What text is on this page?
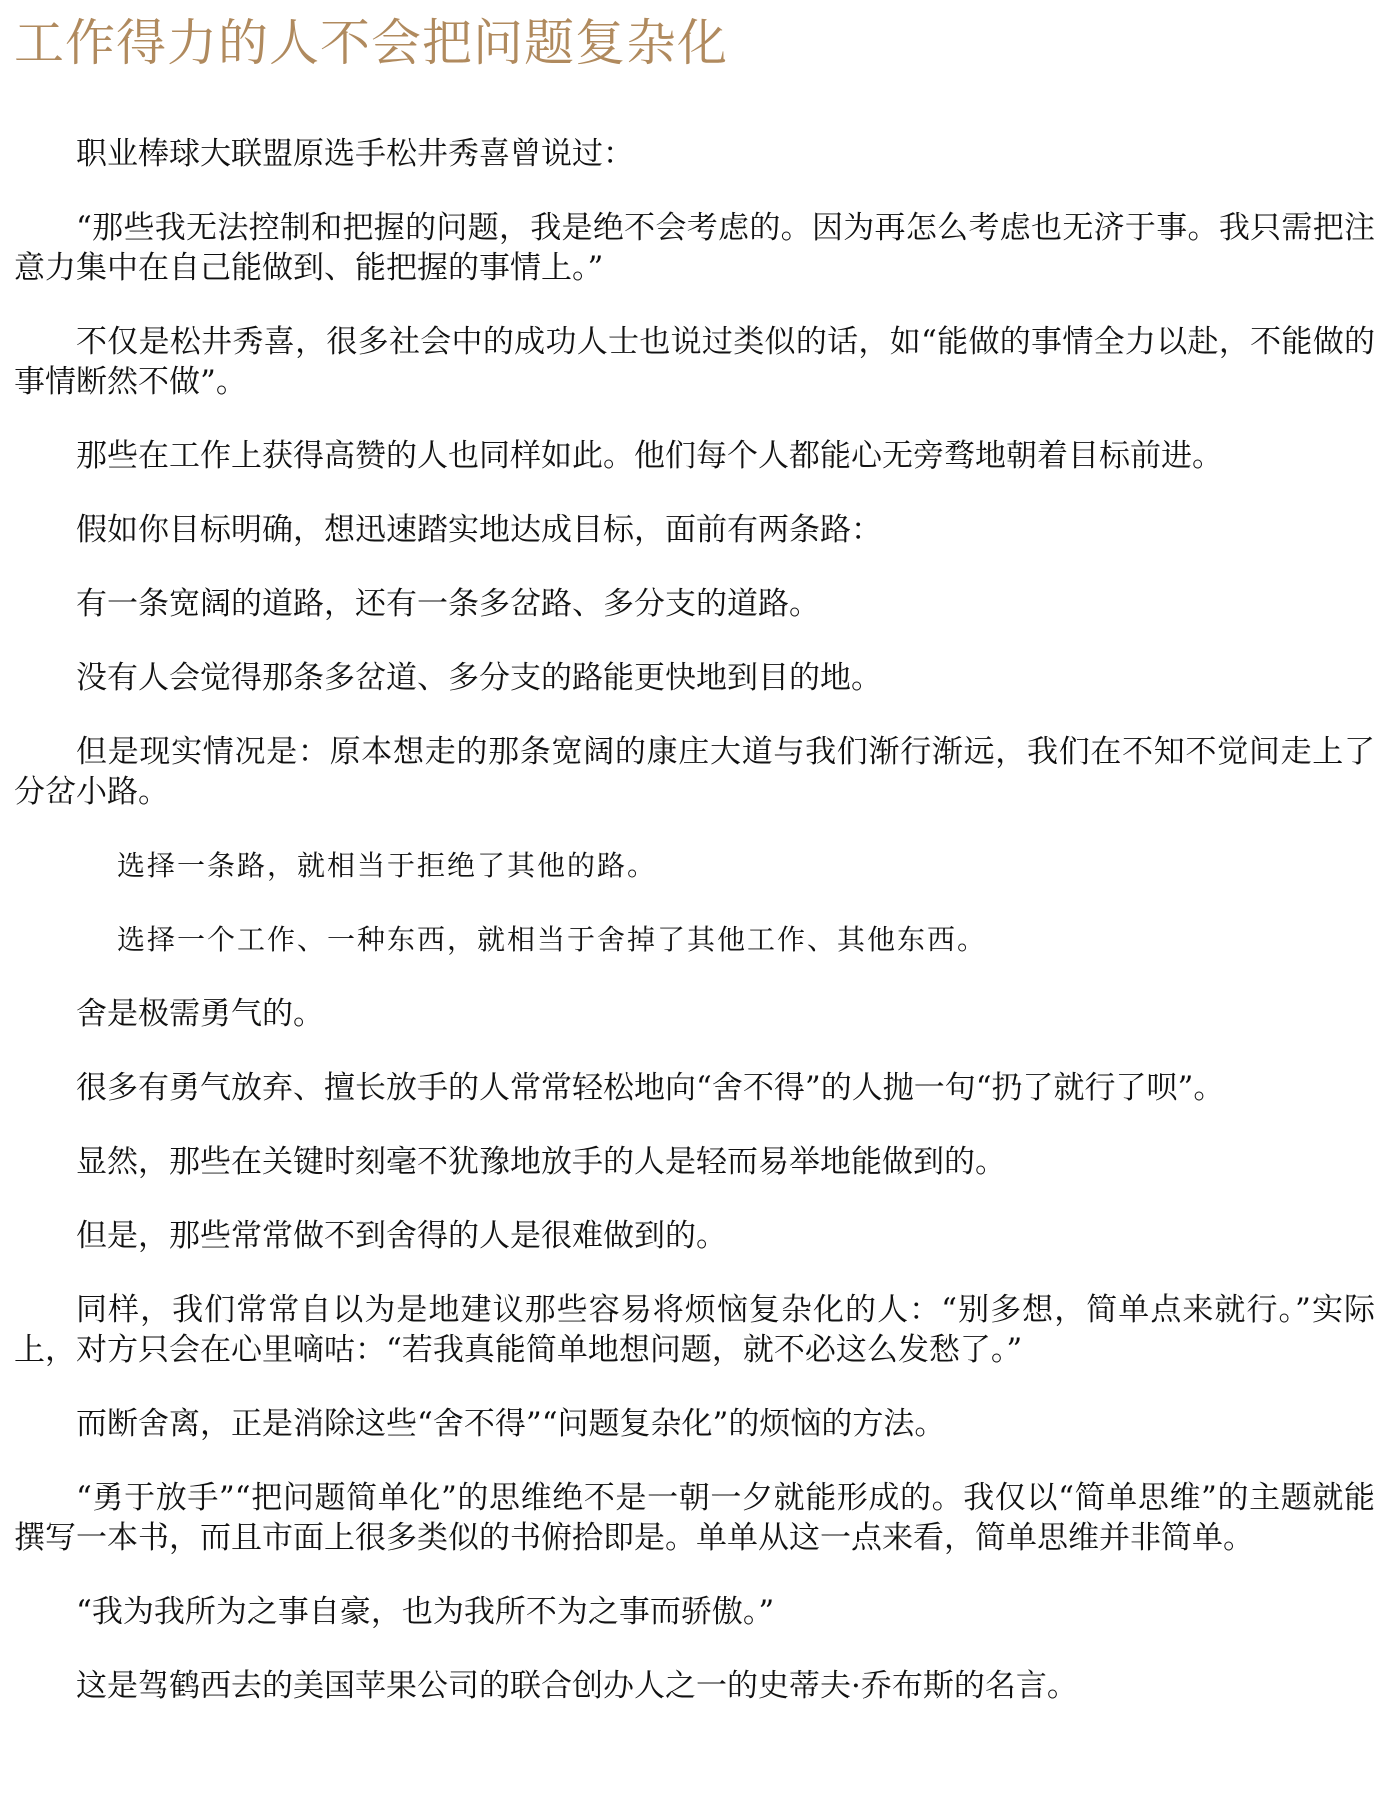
工作得力的人不会把问题复杂化

职业棒球大联盟原选手松井秀喜曾说过：

“那些我无法控制和把握的问题，我是绝不会考虑的。因为再怎么考虑也无济于事。我只需把注意力集中在自己能做到、能把握的事情上。”

不仅是松井秀喜，很多社会中的成功人士也说过类似的话，如“能做的事情全力以赴，不能做的事情断然不做”。

那些在工作上获得高赞的人也同样如此。他们每个人都能心无旁骛地朝着目标前进。

假如你目标明确，想迅速踏实地达成目标，面前有两条路：

有一条宽阔的道路，还有一条多岔路、多分支的道路。

没有人会觉得那条多岔道、多分支的路能更快地到目的地。

但是现实情况是：原本想走的那条宽阔的康庄大道与我们渐行渐远，我们在不知不觉间走上了分岔小路。

选择一条路，就相当于拒绝了其他的路。

选择一个工作、一种东西，就相当于舍掉了其他工作、其他东西。

舍是极需勇气的。

很多有勇气放弃、擅长放手的人常常轻松地向“舍不得”的人抛一句“扔了就行了呗”。

显然，那些在关键时刻毫不犹豫地放手的人是轻而易举地能做到的。

但是，那些常常做不到舍得的人是很难做到的。

同样，我们常常自以为是地建议那些容易将烦恼复杂化的人：“别多想，简单点来就行。”实际上，对方只会在心里嘀咕：“若我真能简单地想问题，就不必这么发愁了。”

而断舍离，正是消除这些“舍不得”“问题复杂化”的烦恼的方法。

“勇于放手”“把问题简单化”的思维绝不是一朝一夕就能形成的。我仅以“简单思维”的主题就能撰写一本书，而且市面上很多类似的书俯拾即是。单单从这一点来看，简单思维并非简单。

“我为我所为之事自豪，也为我所不为之事而骄傲。”

这是驾鹤西去的美国苹果公司的联合创办人之一的史蒂夫·乔布斯的名言。
